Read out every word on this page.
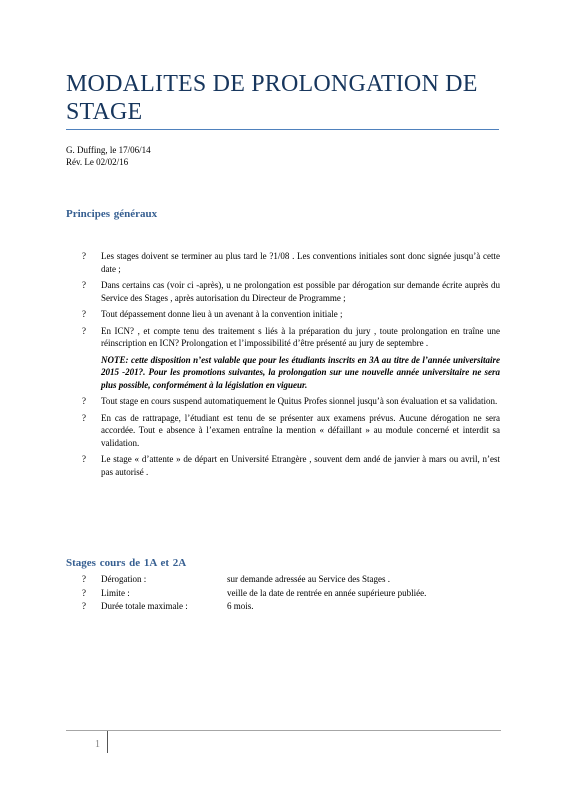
MODALITES DE PROLONGATION DE STAGE
G. Duffing, le 17/06/14
Rév. Le 02/02/16
Principes généraux
? Les stages doivent se terminer au plus tard le ?1/08 . Les conventions initiales sont donc signée jusqu’à cette date ;
? Dans certains cas (voir ci -après), u ne prolongation est possible par dérogation sur demande écrite auprès du Service des Stages , après autorisation du Directeur de Programme ;
? Tout dépassement donne lieu à un avenant à la convention initiale ;
? En ICN? , et compte tenu des traitement s liés à la préparation du jury , toute prolongation en traîne une réinscription en ICN? Prolongation et l’impossibilité d’être présenté au jury de septembre .
NOTE: cette disposition n’est valable que pour les étudiants inscrits en 3A au titre de l’année universitaire 2015 -201?. Pour les promotions suivantes, la prolongation sur une nouvelle année universitaire ne sera plus possible, conformément à la législation en vigueur.
? Tout stage en cours suspend automatiquement le Quitus Profes sionnel jusqu’à son évaluation et sa validation.
? En cas de rattrapage, l’étudiant est tenu de se présenter aux examens prévus. Aucune dérogation ne sera accordée. Tout e absence à l’examen entraîne la mention « défaillant » au module concerné et interdit sa validation.
? Le stage « d’attente » de départ en Université Etrangère , souvent dem andé de janvier à mars ou avril, n’est pas autorisé .
Stages cours de 1A et 2A
? Dérogation :	sur demande adressée au Service des Stages .
? Limite :	veille de la date de rentrée en année supérieure publiée.
? Durée totale maximale :	6 mois.
1
